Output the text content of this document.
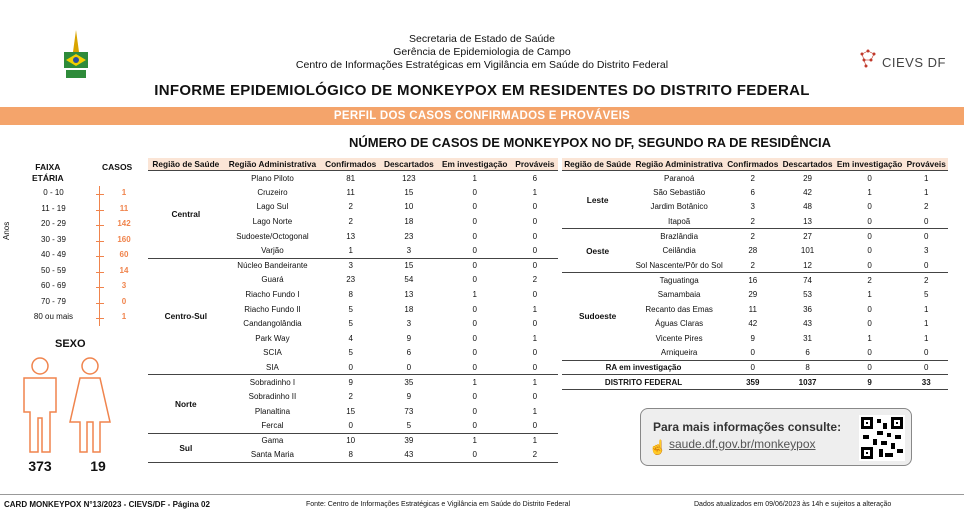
Secretaria de Estado de Saúde
Gerência de Epidemiologia de Campo
Centro de Informações Estratégicas em Vigilância em Saúde do Distrito Federal	CIEVS DF
INFORME EPIDEMIOLÓGICO DE MONKEYPOX EM RESIDENTES DO DISTRITO FEDERAL
PERFIL DOS CASOS CONFIRMADOS E PROVÁVEIS
NÚMERO DE CASOS DE MONKEYPOX NO DF, SEGUNDO RA DE RESIDÊNCIA
FAIXA
ETÁRIA
CASOS
0 - 10	1
11 - 19	11
20 - 29	142
30 - 39	160
40 - 49	60
50 - 59	14
60 - 69	3
70 - 79	0
80 ou mais	1
Anos
SEXO
373	19
Região de Saúde	Região Administrativa	Confirmados	Descartados	Em investigação	Prováveis
Central	Plano Piloto	81	123	1	6
	Cruzeiro	11	15	0	1
	Lago Sul	2	10	0	0
	Lago Norte	2	18	0	0
	Sudoeste/Octogonal	13	23	0	0
	Varjão	1	3	0	0
Centro-Sul	Núcleo Bandeirante	3	15	0	0
	Guará	23	54	0	2
	Riacho Fundo I	8	13	1	0
	Riacho Fundo II	5	18	0	1
	Candangolândia	5	3	0	0
	Park Way	4	9	0	1
	SCIA	5	6	0	0
	SIA	0	0	0	0
Norte	Sobradinho I	9	35	1	1
	Sobradinho II	2	9	0	0
	Planaltina	15	73	0	1
	Fercal	0	5	0	0
Sul	Gama	10	39	1	1
	Santa Maria	8	43	0	2
Região de Saúde	Região Administrativa	Confirmados	Descartados	Em investigação	Prováveis
Leste	Paranoá	2	29	0	1
	São Sebastião	6	42	1	1
	Jardim Botânico	3	48	0	2
	Itapoã	2	13	0	0
Oeste	Brazlândia	2	27	0	0
	Ceilândia	28	101	0	3
	Sol Nascente/Pôr do Sol	2	12	0	0
Sudoeste	Taguatinga	16	74	2	2
	Samambaia	29	53	1	5
	Recanto das Emas	11	36	0	1
	Águas Claras	42	43	0	1
	Vicente Pires	9	31	1	1
	Arniqueira	0	6	0	0
RA em investigação		0	8	0	0
DISTRITO FEDERAL		359	1037	9	33
Para mais informações consulte:
☝ saude.df.gov.br/monkeypox
CARD MONKEYPOX N°13/2023 - CIEVS/DF - Página 02	Fonte: Centro de Informações Estratégicas e Vigilância em Saúde do Distrito Federal	Dados atualizados em 09/06/2023 às 14h e sujeitos a alteração
